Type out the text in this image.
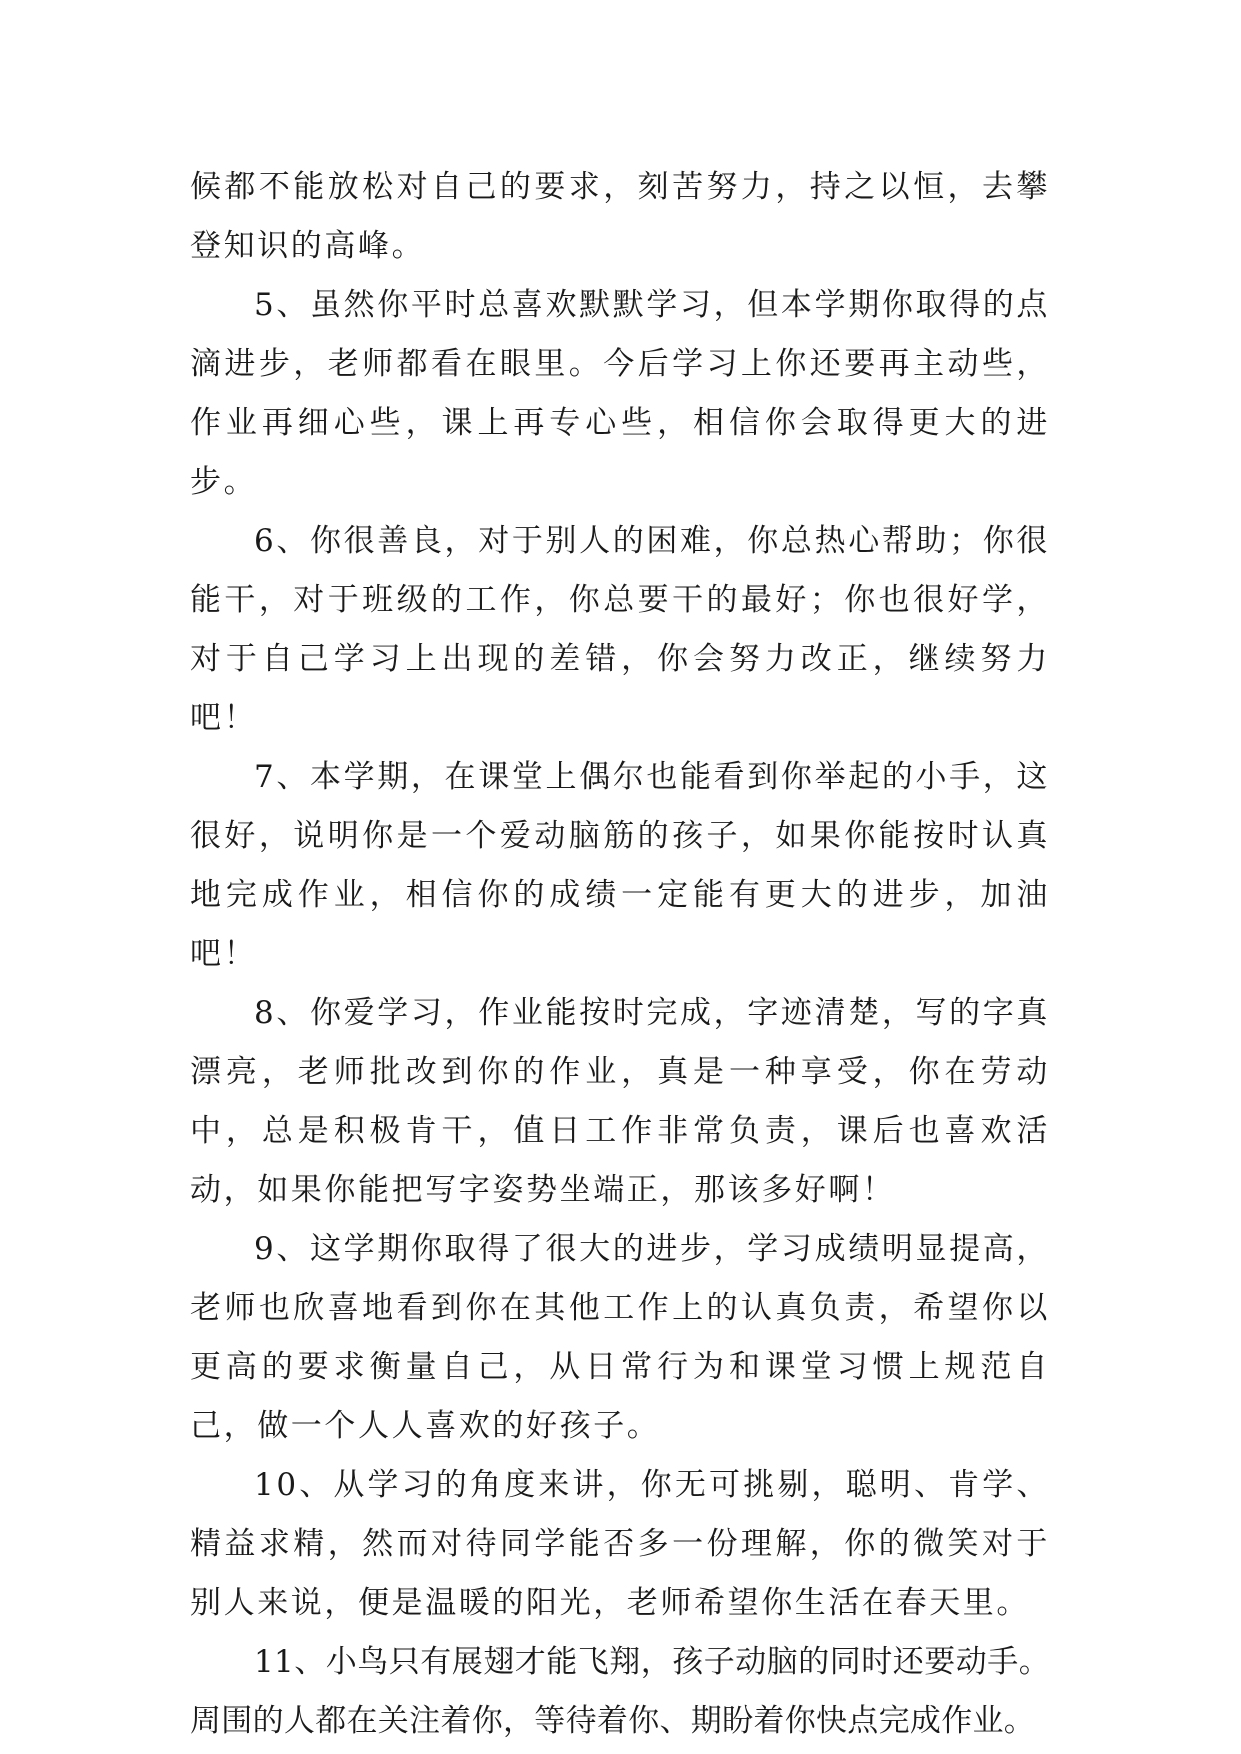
候都不能放松对自己的要求，刻苦努力，持之以恒，去攀登知识的高峰。

5、虽然你平时总喜欢默默学习，但本学期你取得的点滴进步，老师都看在眼里。今后学习上你还要再主动些，作业再细心些，课上再专心些，相信你会取得更大的进步。

6、你很善良，对于别人的困难，你总热心帮助；你很能干，对于班级的工作，你总要干的最好；你也很好学，对于自己学习上出现的差错，你会努力改正，继续努力吧！

7、本学期，在课堂上偶尔也能看到你举起的小手，这很好，说明你是一个爱动脑筋的孩子，如果你能按时认真地完成作业，相信你的成绩一定能有更大的进步，加油吧！

8、你爱学习，作业能按时完成，字迹清楚，写的字真漂亮，老师批改到你的作业，真是一种享受，你在劳动中，总是积极肯干，值日工作非常负责，课后也喜欢活动，如果你能把写字姿势坐端正，那该多好啊！

9、这学期你取得了很大的进步，学习成绩明显提高，老师也欣喜地看到你在其他工作上的认真负责，希望你以更高的要求衡量自己，从日常行为和课堂习惯上规范自己，做一个人人喜欢的好孩子。

10、从学习的角度来讲，你无可挑剔，聪明、肯学、精益求精，然而对待同学能否多一份理解，你的微笑对于别人来说，便是温暖的阳光，老师希望你生活在春天里。

11、小鸟只有展翅才能飞翔，孩子动脑的同时还要动手。周围的人都在关注着你，等待着你、期盼着你快点完成作业。
